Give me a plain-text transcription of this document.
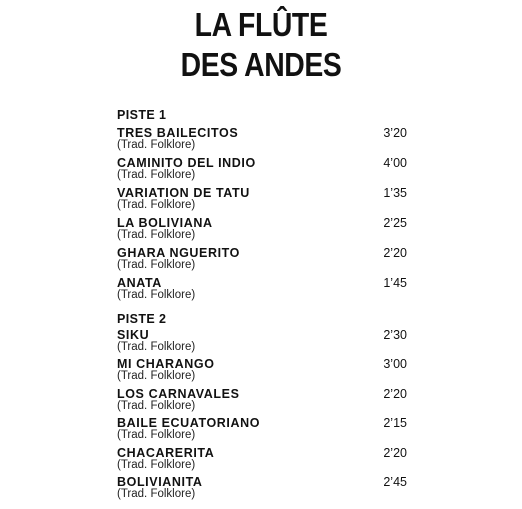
LA FLÛTE
DES ANDES
PISTE 1
TRES BAILECITOS
(Trad. Folklore)
3’20
CAMINITO DEL INDIO
(Trad. Folklore)
4’00
VARIATION DE TATU
(Trad. Folklore)
1’35
LA BOLIVIANA
(Trad. Folklore)
2’25
GHARA NGUERITO
(Trad. Folklore)
2’20
ANATA
(Trad. Folklore)
1’45
PISTE 2
SIKU
(Trad. Folklore)
2’30
MI CHARANGO
(Trad. Folklore)
3’00
LOS CARNAVALES
(Trad. Folklore)
2’20
BAILE ECUATORIANO
(Trad. Folklore)
2’15
CHACARERITA
(Trad. Folklore)
2’20
BOLIVIANITA
(Trad. Folklore)
2’45
